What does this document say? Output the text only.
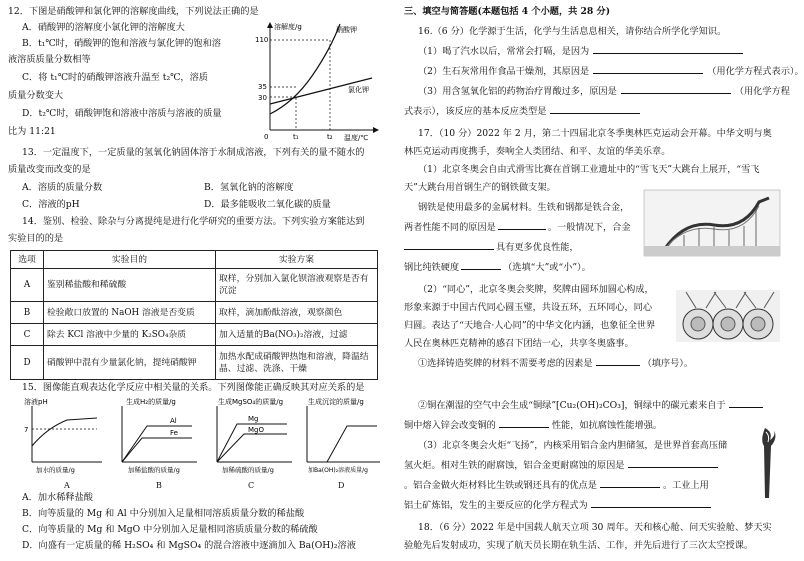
12．下图是硝酸钾和氯化钾的溶解度曲线，下列说法正确的是
A．硝酸钾的溶解度小氯化钾的溶解度大
B．t₁℃时，硝酸钾的饱和溶液与氯化钾的饱和溶
液溶质质量分数相等
C．将 t₁℃时的硝酸钾溶液升温至 t₂℃，溶质
质量分数变大
D．t₂℃时，硝酸钾饱和溶液中溶质与溶液的质量
比为 11:21
溶解度/g
温度/℃
110
35
30
0	t₁	t₂
硝酸钾
氯化钾
13．一定温度下，一定质量的氢氧化钠固体溶于水制成溶液，下列有关的量不随水的
质量改变而改变的是
A．溶质的质量分数	B．氢氧化钠的溶解度
C．溶液的pH	D．最多能吸收二氧化碳的质量
14．鉴别、检验、除杂与分离提纯是进行化学研究的重要方法。下列实验方案能达到
实验目的的是
选项	实验目的	实验方案
A	鉴别稀盐酸和稀硫酸	取样，分别加入氯化钡溶液观察是否有沉淀
B	检验敞口放置的 NaOH 溶液是否变质	取样，滴加酚酞溶液，观察颜色
C	除去 KCl 溶液中少量的 K₂SO₄杂质	加入适量的Ba(NO₃)₂溶液，过滤
D	硝酸钾中混有少量氯化钠，提纯硝酸钾	加热水配成硝酸钾热饱和溶液，降温结晶、过滤、洗涤、干燥
15．图像能直观表达化学反应中相关量的关系。下列图像能正确反映其对应关系的是
溶液pH
加水的质量/g
7
生成H₂的质量/g
加稀盐酸的质量/g
Al
Fe
生成MgSO₄的质量/g
加稀硫酸的质量/g
Mg
MgO
生成沉淀的质量/g
加Ba(OH)₂溶液质量/g
A	B	C	D
A．加水稀释盐酸
B．向等质量的 Mg 和 Al 中分别加入足量相同溶质质量分数的稀盐酸
C．向等质量的 Mg 和 MgO 中分别加入足量相同溶质质量分数的稀硫酸
D．向盛有一定质量的稀 H₂SO₄ 和 MgSO₄ 的混合溶液中逐滴加入 Ba(OH)₂溶液
三、填空与简答题(本题包括 4 个小题，共 28 分)
16.（6 分）化学源于生活，化学与生活息息相关，请你结合所学化学知识。
（1）喝了汽水以后，常常会打嗝，是因为
（2）生石灰常用作食品干燥剂，其原因是	（用化学方程式表示）。
（3）用含氢氧化铝的药物治疗胃酸过多，原因是	（用化学方程
式表示），该反应的基本反应类型是
17．（10 分）2022 年 2 月，第二十四届北京冬季奥林匹克运动会开幕。中华文明与奥
林匹克运动再度携手，奏响全人类团结、和平、友谊的华美乐章。
（1）北京冬奥会自由式滑雪比赛在首钢工业遗址中的“雪飞天”大跳台上展开，“雪飞
天”大跳台用首钢生产的钢铁做支架。
钢铁是使用最多的金属材料。生铁和钢都是铁合金，
两者性能不同的原因是	。一般情况下，合金
具有更多优良性能，
钢比纯铁硬度	（选填“大”或“小”）。
（2）“同心”，北京冬奥会奖牌，奖牌由圆环加圆心构成，
形象来源于中国古代同心圆玉璧，共设五环，五环同心，同心
归圆。表达了“天地合·人心同”的中华文化内涵，也象征全世界
人民在奥林匹克精神的感召下团结一心，共享冬奥盛事。
①选择铸造奖牌的材料不需要考虑的因素是	（填序号）。
②铜在潮湿的空气中会生成“铜绿”[Cu₂(OH)₂CO₃]，铜绿中的碳元素来自于
铜中熔入锌会改变铜的	性能，如抗腐蚀性能增强。
（3）北京冬奥会火炬“飞扬”，内核采用铝合金内胆储氢，是世界首套高压储
氢火炬。相对生铁的耐腐蚀，铝合金更耐腐蚀的原因是
。铝合金做火炬材料比生铁或钢还具有的优点是	。工业上用
铝土矿炼铝，发生的主要反应的化学方程式为
18．（6 分）2022 年是中国载人航天立项 30 周年。天和核心舱、问天实验舱、梦天实
验舱先后发射成功，实现了航天员长期在轨生活、工作，并先后进行了三次太空授课。
